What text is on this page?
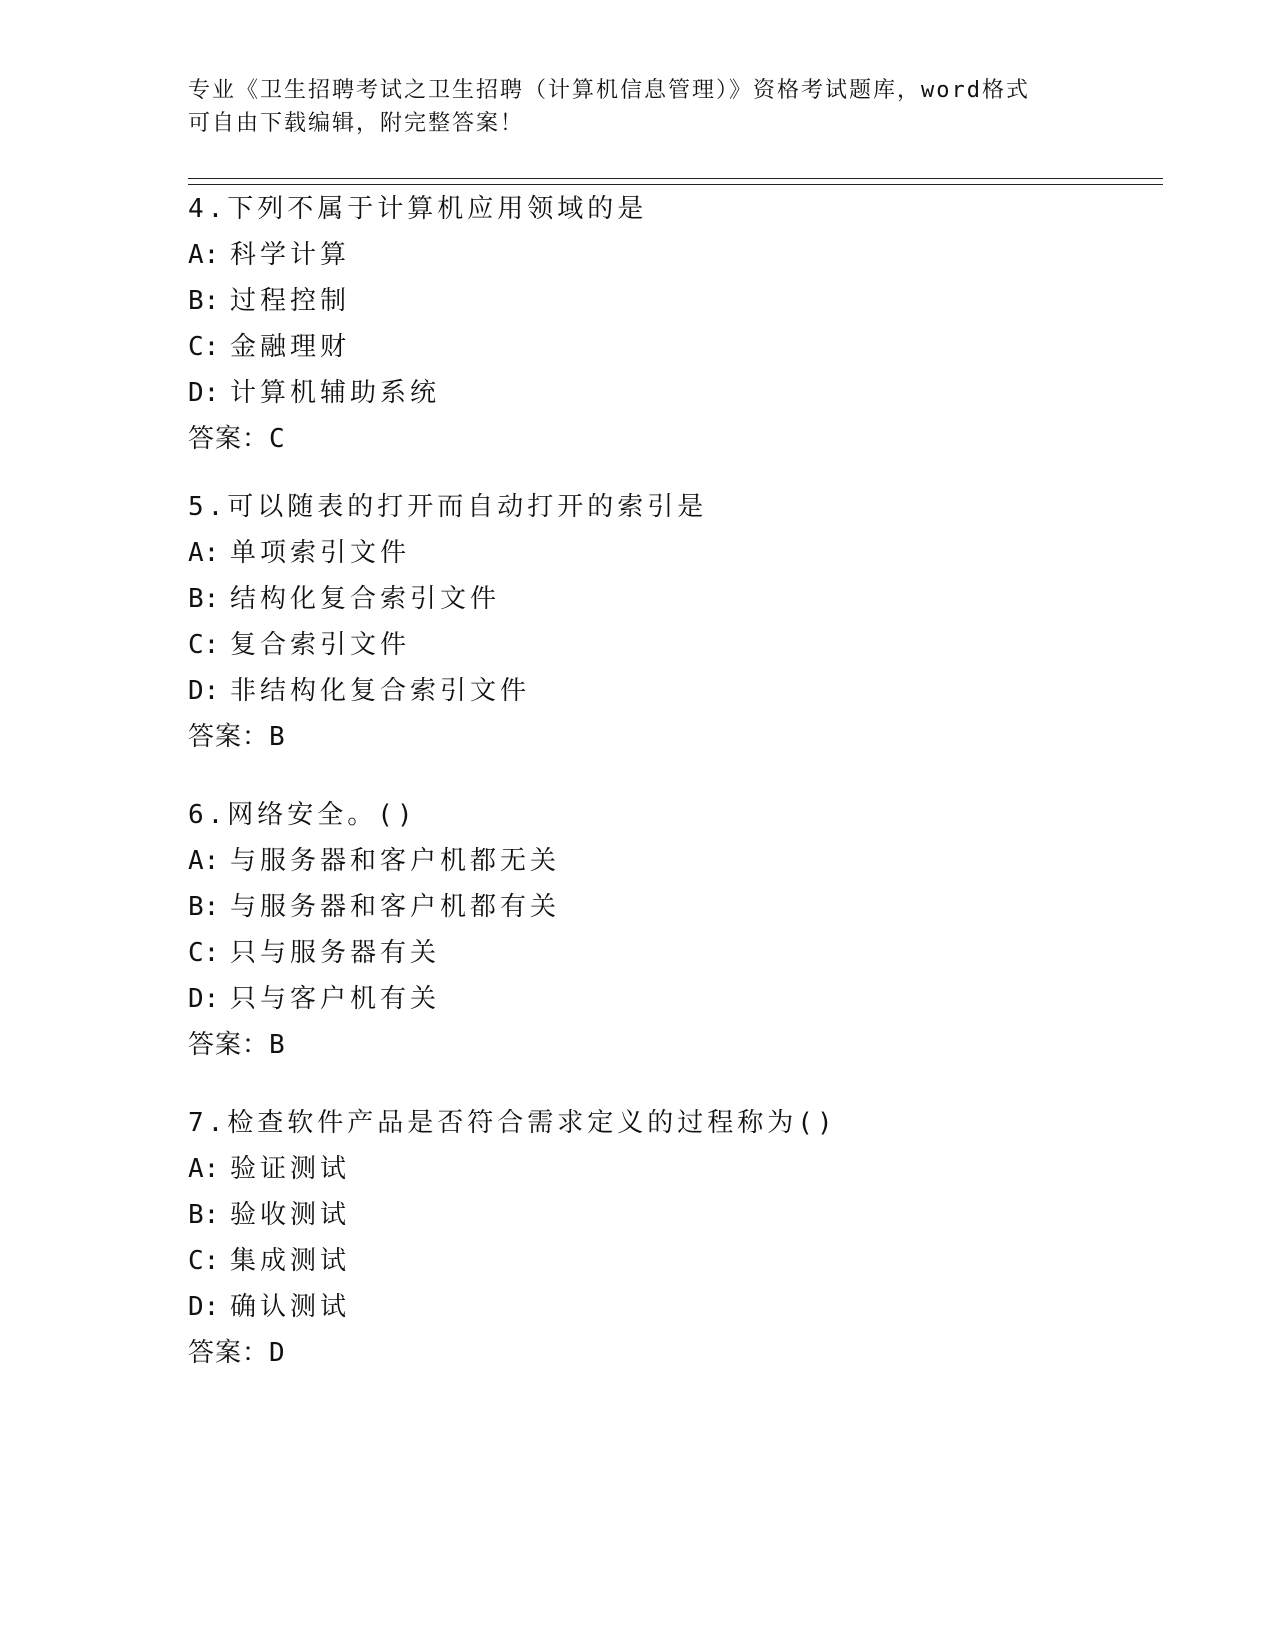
专业《卫生招聘考试之卫生招聘（计算机信息管理）》资格考试题库，word格式
可自由下载编辑，附完整答案！
4.下列不属于计算机应用领域的是
A: 科学计算
B: 过程控制
C: 金融理财
D: 计算机辅助系统
答案：C
5.可以随表的打开而自动打开的索引是
A: 单项索引文件
B: 结构化复合索引文件
C: 复合索引文件
D: 非结构化复合索引文件
答案：B
6.网络安全。()
A: 与服务器和客户机都无关
B: 与服务器和客户机都有关
C: 只与服务器有关
D: 只与客户机有关
答案：B
7.检查软件产品是否符合需求定义的过程称为()
A: 验证测试
B: 验收测试
C: 集成测试
D: 确认测试
答案：D
